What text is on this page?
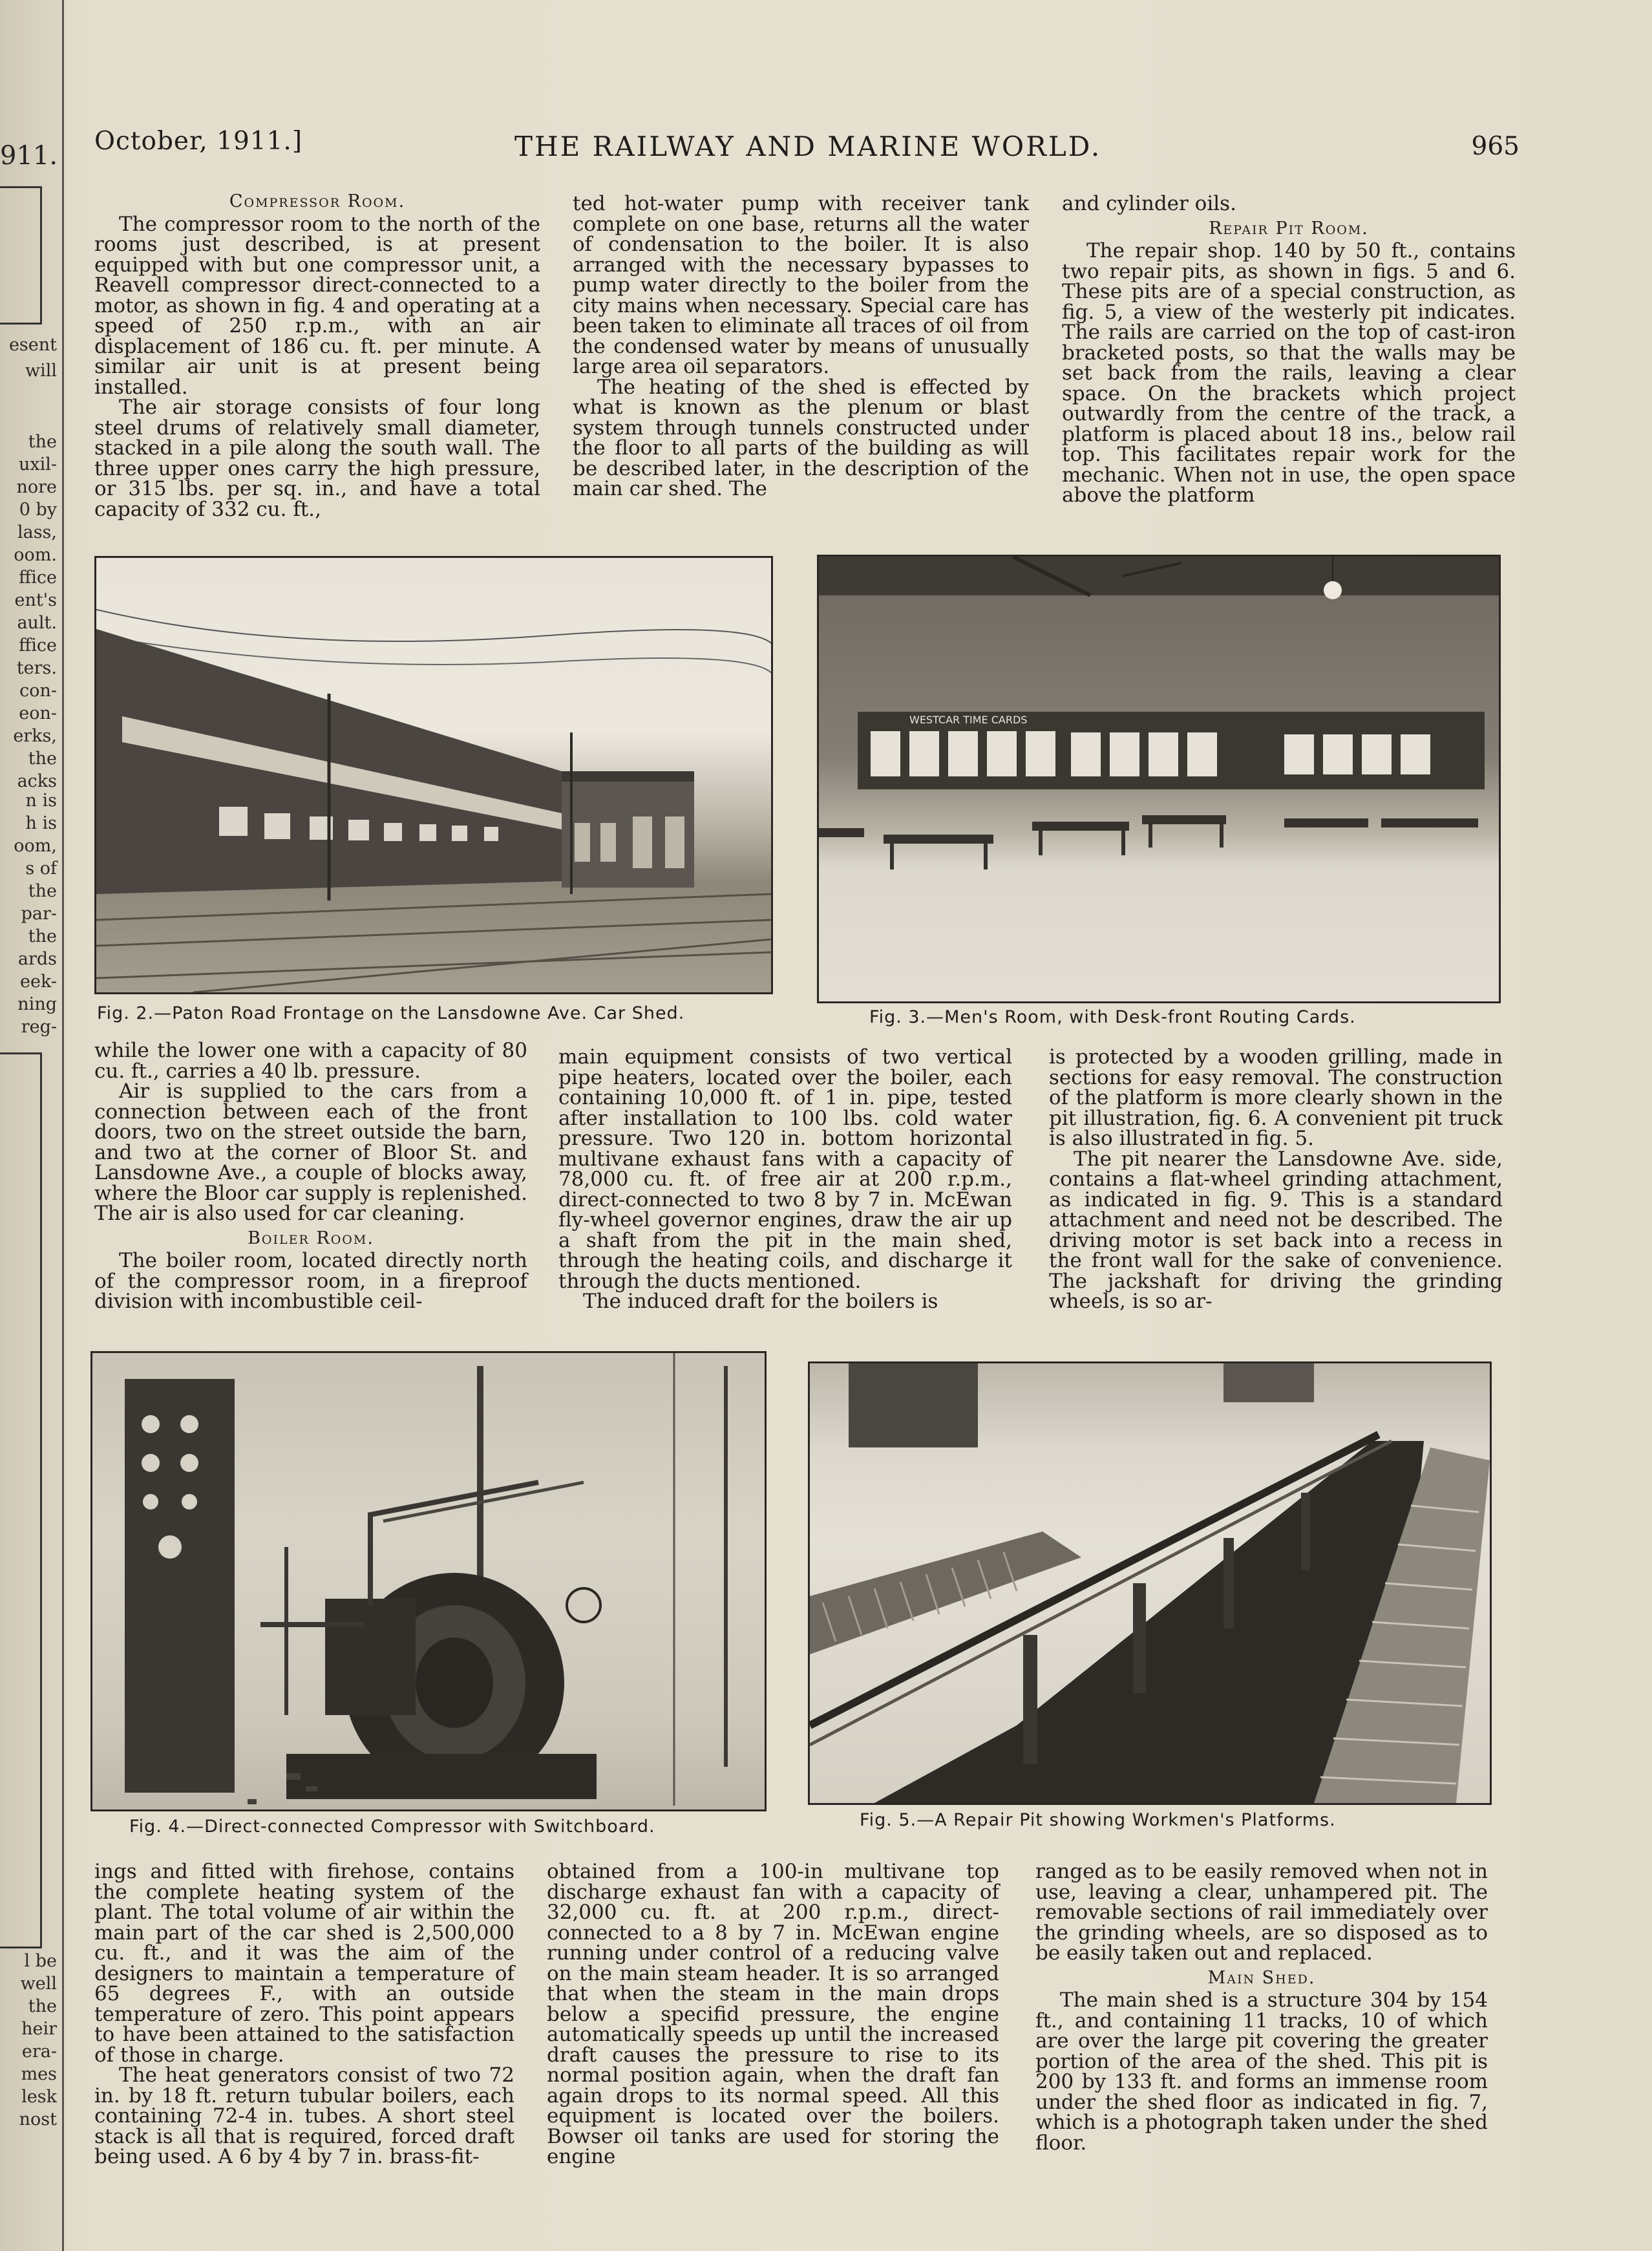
911.
esent
will
the
uxil-
nore
0 by
lass,
oom.
ffice
ent's
ault.
ffice
ters.
con-
eon-
erks,
the
acks
n is
h is
oom,
s of
the
par-
the
ards
eek-
ning
reg-
l be
well
the
heir
era-
mes
lesk
nost
October, 1911.]	THE RAILWAY AND MARINE WORLD.	965
Compressor Room.

The compressor room to the north of the rooms just described, is at present equipped with but one compressor unit, a Reavell compressor direct-connected to a motor, as shown in fig. 4 and operating at a speed of 250 r.p.m., with an air displacement of 186 cu. ft. per minute. A similar air unit is at present being installed.

The air storage consists of four long steel drums of relatively small diameter, stacked in a pile along the south wall. The three upper ones carry the high pressure, or 315 lbs. per sq. in., and have a total capacity of 332 cu. ft.,

ted hot-water pump with receiver tank complete on one base, returns all the water of condensation to the boiler. It is also arranged with the necessary bypasses to pump water directly to the boiler from the city mains when necessary. Special care has been taken to eliminate all traces of oil from the condensed water by means of unusually large area oil separators.

The heating of the shed is effected by what is known as the plenum or blast system through tunnels constructed under the floor to all parts of the building as will be described later, in the description of the main car shed. The

and cylinder oils.

Repair Pit Room.

The repair shop. 140 by 50 ft., contains two repair pits, as shown in figs. 5 and 6. These pits are of a special construction, as fig. 5, a view of the westerly pit indicates. The rails are carried on the top of cast-iron bracketed posts, so that the walls may be set back from the rails, leaving a clear space. On the brackets which project outwardly from the centre of the track, a platform is placed about 18 ins., below rail top. This facilitates repair work for the mechanic. When not in use, the open space above the platform

Fig. 2.—Paton Road Frontage on the Lansdowne Ave. Car Shed.
WESTCAR TIME CARDS
Fig. 3.—Men's Room, with Desk-front Routing Cards.

while the lower one with a capacity of 80 cu. ft., carries a 40 lb. pressure.

Air is supplied to the cars from a connection between each of the front doors, two on the street outside the barn, and two at the corner of Bloor St. and Lansdowne Ave., a couple of blocks away, where the Bloor car supply is replenished. The air is also used for car cleaning.

Boiler Room.

The boiler room, located directly north of the compressor room, in a fireproof division with incombustible ceil-

main equipment consists of two vertical pipe heaters, located over the boiler, each containing 10,000 ft. of 1 in. pipe, tested after installation to 100 lbs. cold water pressure. Two 120 in. bottom horizontal multivane exhaust fans with a capacity of 78,000 cu. ft. of free air at 200 r.p.m., direct-connected to two 8 by 7 in. McEwan fly-wheel governor engines, draw the air up a shaft from the pit in the main shed, through the heating coils, and discharge it through the ducts mentioned.

The induced draft for the boilers is

is protected by a wooden grilling, made in sections for easy removal. The construction of the platform is more clearly shown in the pit illustration, fig. 6. A convenient pit truck is also illustrated in fig. 5.

The pit nearer the Lansdowne Ave. side, contains a flat-wheel grinding attachment, as indicated in fig. 9. This is a standard attachment and need not be described. The driving motor is set back into a recess in the front wall for the sake of convenience. The jackshaft for driving the grinding wheels, is so ar-

Fig. 4.—Direct-connected Compressor with Switchboard.	Fig. 5.—A Repair Pit showing Workmen's Platforms.

ings and fitted with firehose, contains the complete heating system of the plant. The total volume of air within the main part of the car shed is 2,500,000 cu. ft., and it was the aim of the designers to maintain a temperature of 65 degrees F., with an outside temperature of zero. This point appears to have been attained to the satisfaction of those in charge.

The heat generators consist of two 72 in. by 18 ft. return tubular boilers, each containing 72-4 in. tubes. A short steel stack is all that is required, forced draft being used. A 6 by 4 by 7 in. brass-fit-

obtained from a 100-in multivane top discharge exhaust fan with a capacity of 32,000 cu. ft. at 200 r.p.m., direct-connected to a 8 by 7 in. McEwan engine running under control of a reducing valve on the main steam header. It is so arranged that when the steam in the main drops below a specifid pressure, the engine automatically speeds up until the increased draft causes the pressure to rise to its normal position again, when the draft fan again drops to its normal speed. All this equipment is located over the boilers. Bowser oil tanks are used for storing the engine

ranged as to be easily removed when not in use, leaving a clear, unhampered pit. The removable sections of rail immediately over the grinding wheels, are so disposed as to be easily taken out and replaced.

Main Shed.

The main shed is a structure 304 by 154 ft., and containing 11 tracks, 10 of which are over the large pit covering the greater portion of the area of the shed. This pit is 200 by 133 ft. and forms an immense room under the shed floor as indicated in fig. 7, which is a photograph taken under the shed floor.
